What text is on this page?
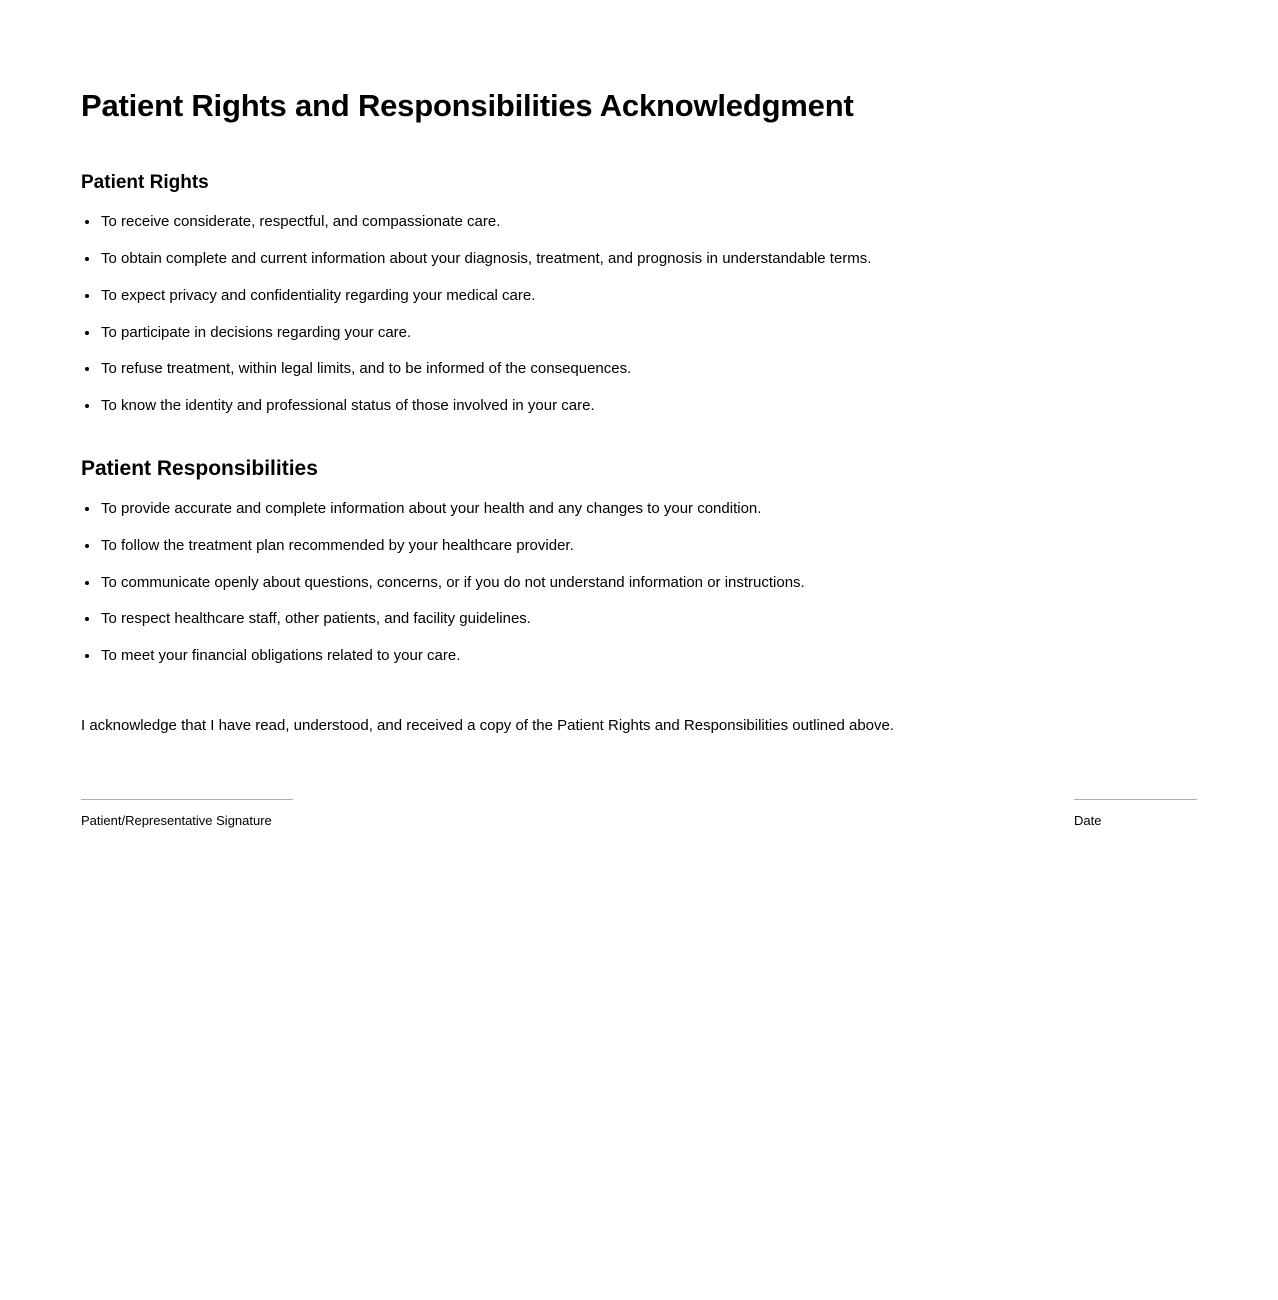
Patient Rights and Responsibilities Acknowledgment
Patient Rights
To receive considerate, respectful, and compassionate care.
To obtain complete and current information about your diagnosis, treatment, and prognosis in understandable terms.
To expect privacy and confidentiality regarding your medical care.
To participate in decisions regarding your care.
To refuse treatment, within legal limits, and to be informed of the consequences.
To know the identity and professional status of those involved in your care.
Patient Responsibilities
To provide accurate and complete information about your health and any changes to your condition.
To follow the treatment plan recommended by your healthcare provider.
To communicate openly about questions, concerns, or if you do not understand information or instructions.
To respect healthcare staff, other patients, and facility guidelines.
To meet your financial obligations related to your care.

I acknowledge that I have read, understood, and received a copy of the Patient Rights and Responsibilities outlined above.

Patient/Representative Signature	Date
